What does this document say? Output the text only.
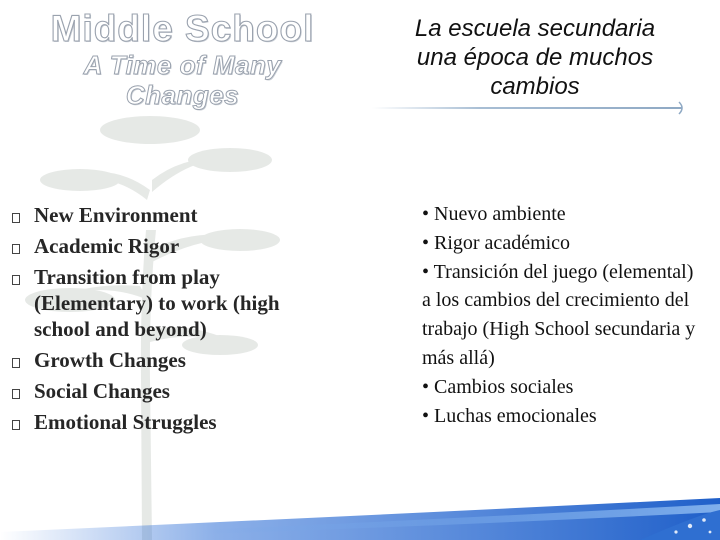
Middle School
A Time of Many
Changes
La escuela secundaria
una época de muchos
cambios
New Environment
Academic Rigor
Transition from play (Elementary) to work (high school and beyond)
Growth Changes
Social Changes
Emotional Struggles
• Nuevo ambiente
• Rigor académico
• Transición del juego (elemental) a los cambios del crecimiento del trabajo (High School secundaria y más allá)
• Cambios sociales
• Luchas emocionales
